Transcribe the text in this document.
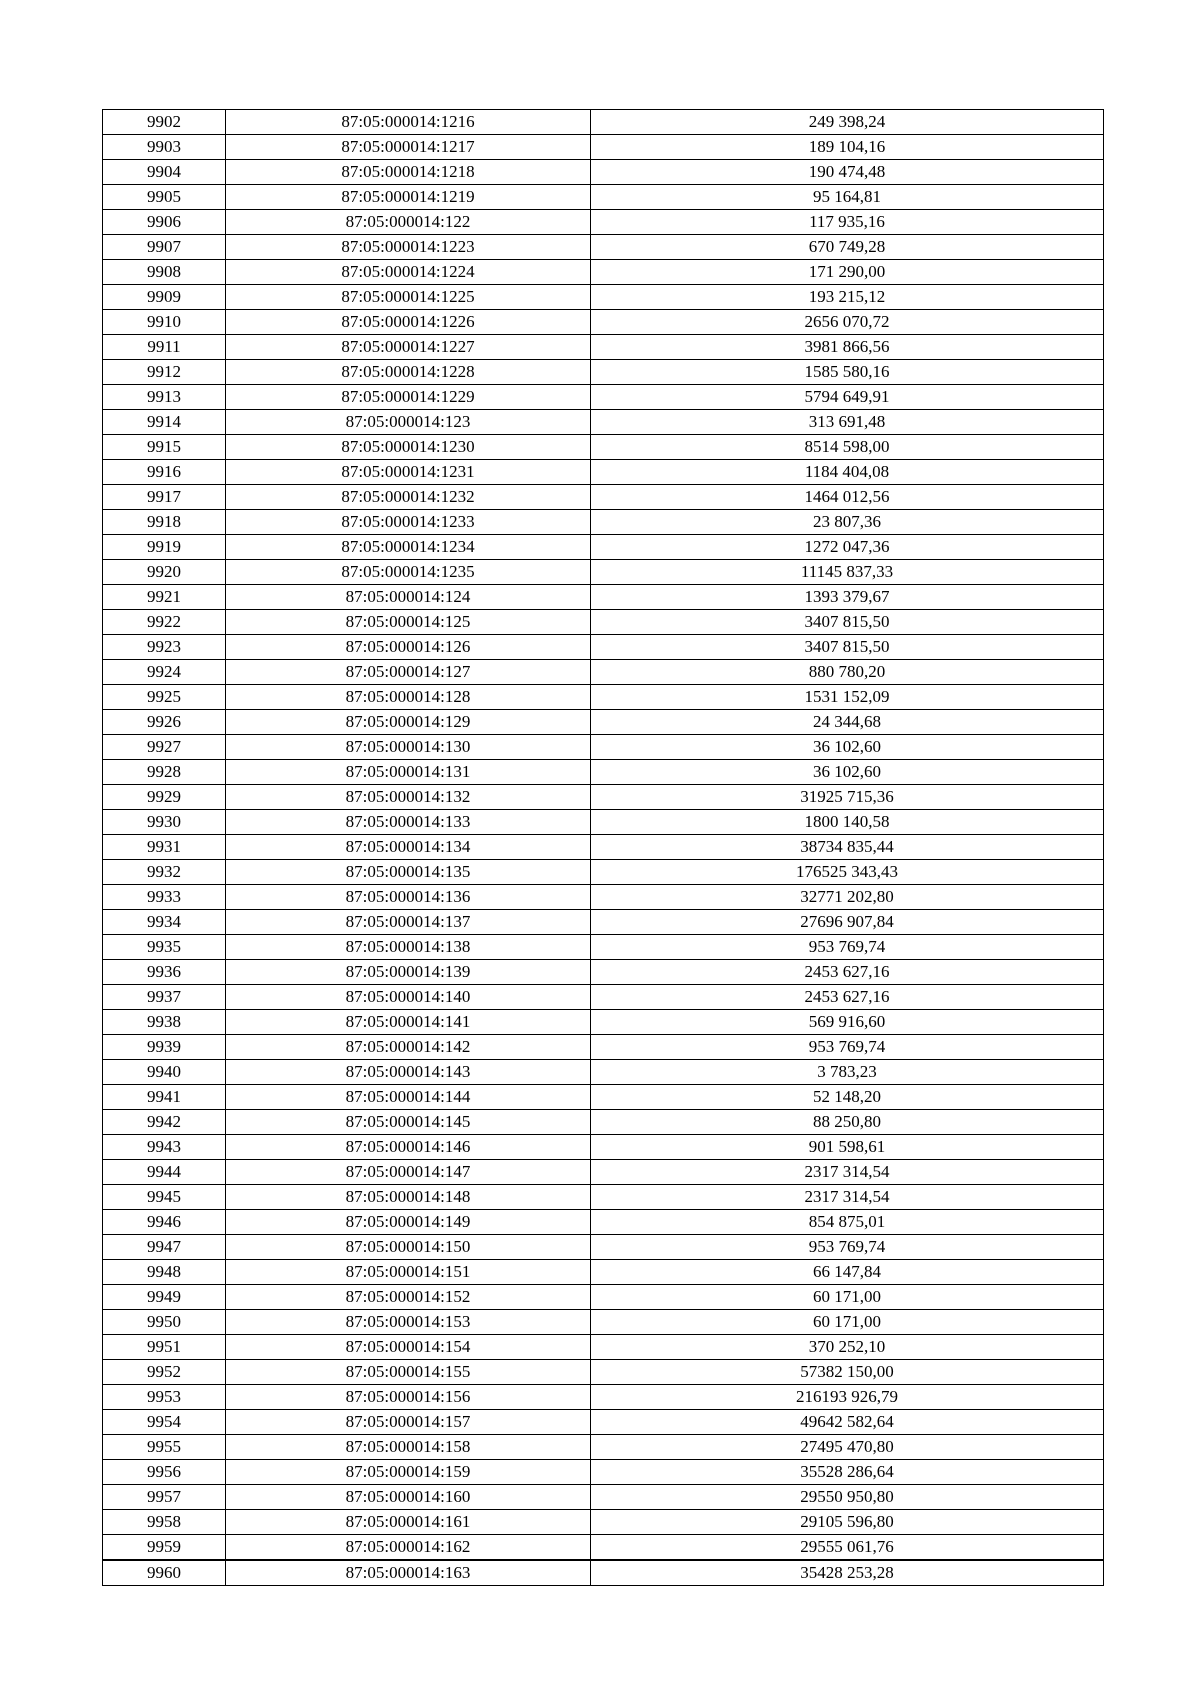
9902	87:05:000014:1216	249 398,24
9903	87:05:000014:1217	189 104,16
9904	87:05:000014:1218	190 474,48
9905	87:05:000014:1219	95 164,81
9906	87:05:000014:122	117 935,16
9907	87:05:000014:1223	670 749,28
9908	87:05:000014:1224	171 290,00
9909	87:05:000014:1225	193 215,12
9910	87:05:000014:1226	2656 070,72
9911	87:05:000014:1227	3981 866,56
9912	87:05:000014:1228	1585 580,16
9913	87:05:000014:1229	5794 649,91
9914	87:05:000014:123	313 691,48
9915	87:05:000014:1230	8514 598,00
9916	87:05:000014:1231	1184 404,08
9917	87:05:000014:1232	1464 012,56
9918	87:05:000014:1233	23 807,36
9919	87:05:000014:1234	1272 047,36
9920	87:05:000014:1235	11145 837,33
9921	87:05:000014:124	1393 379,67
9922	87:05:000014:125	3407 815,50
9923	87:05:000014:126	3407 815,50
9924	87:05:000014:127	880 780,20
9925	87:05:000014:128	1531 152,09
9926	87:05:000014:129	24 344,68
9927	87:05:000014:130	36 102,60
9928	87:05:000014:131	36 102,60
9929	87:05:000014:132	31925 715,36
9930	87:05:000014:133	1800 140,58
9931	87:05:000014:134	38734 835,44
9932	87:05:000014:135	176525 343,43
9933	87:05:000014:136	32771 202,80
9934	87:05:000014:137	27696 907,84
9935	87:05:000014:138	953 769,74
9936	87:05:000014:139	2453 627,16
9937	87:05:000014:140	2453 627,16
9938	87:05:000014:141	569 916,60
9939	87:05:000014:142	953 769,74
9940	87:05:000014:143	3 783,23
9941	87:05:000014:144	52 148,20
9942	87:05:000014:145	88 250,80
9943	87:05:000014:146	901 598,61
9944	87:05:000014:147	2317 314,54
9945	87:05:000014:148	2317 314,54
9946	87:05:000014:149	854 875,01
9947	87:05:000014:150	953 769,74
9948	87:05:000014:151	66 147,84
9949	87:05:000014:152	60 171,00
9950	87:05:000014:153	60 171,00
9951	87:05:000014:154	370 252,10
9952	87:05:000014:155	57382 150,00
9953	87:05:000014:156	216193 926,79
9954	87:05:000014:157	49642 582,64
9955	87:05:000014:158	27495 470,80
9956	87:05:000014:159	35528 286,64
9957	87:05:000014:160	29550 950,80
9958	87:05:000014:161	29105 596,80
9959	87:05:000014:162	29555 061,76
9960	87:05:000014:163	35428 253,28
